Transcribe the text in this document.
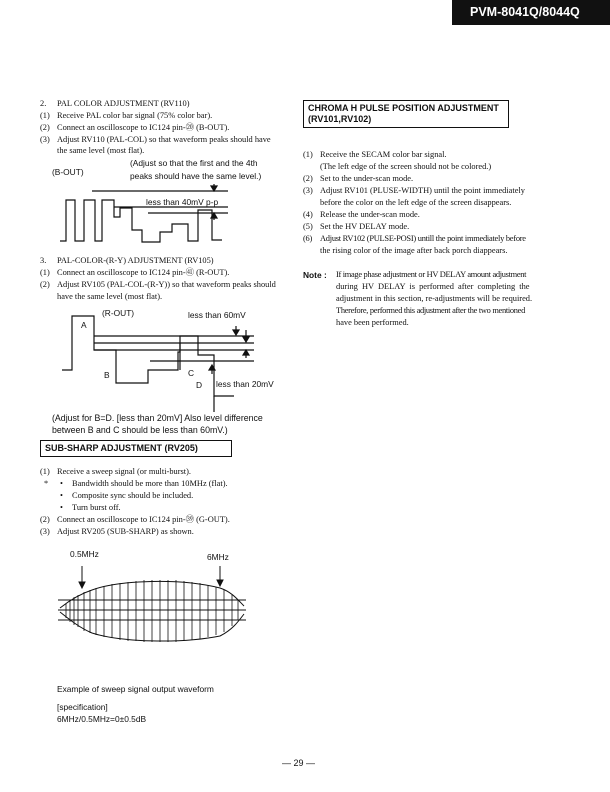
PVM-8041Q/8044Q
2. PAL COLOR ADJUSTMENT (RV110)
(1) Receive PAL color bar signal (75% color bar).
(2) Connect an oscilloscope to IC124 pin-⑳ (B-OUT).
(3) Adjust RV110 (PAL-COL) so that waveform peaks should have
the same level (most flat).
(B-OUT)
(Adjust so that the first and the 4th
peaks should have the same level.)
less than 40mV p-p
3. PAL-COLOR-(R-Y) ADJUSTMENT (RV105)
(1) Connect an oscilloscope to IC124 pin-㊶ (R-OUT).
(2) Adjust RV105 (PAL-COL-(R-Y)) so that waveform peaks should
have the same level (most flat).
(R-OUT)	less than 60mV
A
B	C
D less than 20mV
(Adjust for B=D. [less than 20mV] Also level difference
between B and C should be less than 60mV.)
SUB-SHARP ADJUSTMENT (RV205)
(1) Receive a sweep signal (or multi-burst).
* • Bandwidth should be more than 10MHz (flat).
• Composite sync should be included.
• Turn burst off.
(2) Connect an oscilloscope to IC124 pin-㊴ (G-OUT).
(3) Adjust RV205 (SUB-SHARP) as shown.
0.5MHz	6MHz
Example of sweep signal output waveform
[specification]
6MHz/0.5MHz=0±0.5dB
CHROMA H PULSE POSITION ADJUSTMENT
(RV101,RV102)
(1) Receive the SECAM color bar signal.
(The left edge of the screen should not be colored.)
(2) Set to the under-scan mode.
(3) Adjust RV101 (PLUSE-WIDTH) until the point immediately
before the color on the left edge of the screen disappears.
(4) Release the under-scan mode.
(5) Set the HV DELAY mode.
(6) Adjust RV102 (PULSE-POSI) untill the point immediately before
the rising color of the image after back porch diappears.
Note : If image phase adjustment or HV DELAY amount adjustment
during HV DELAY is performed after completing the
adjustment in this section, re-adjustments will be required.
Therefore, performed this adjustment after the two mentioned
have been performed.
— 29 —
